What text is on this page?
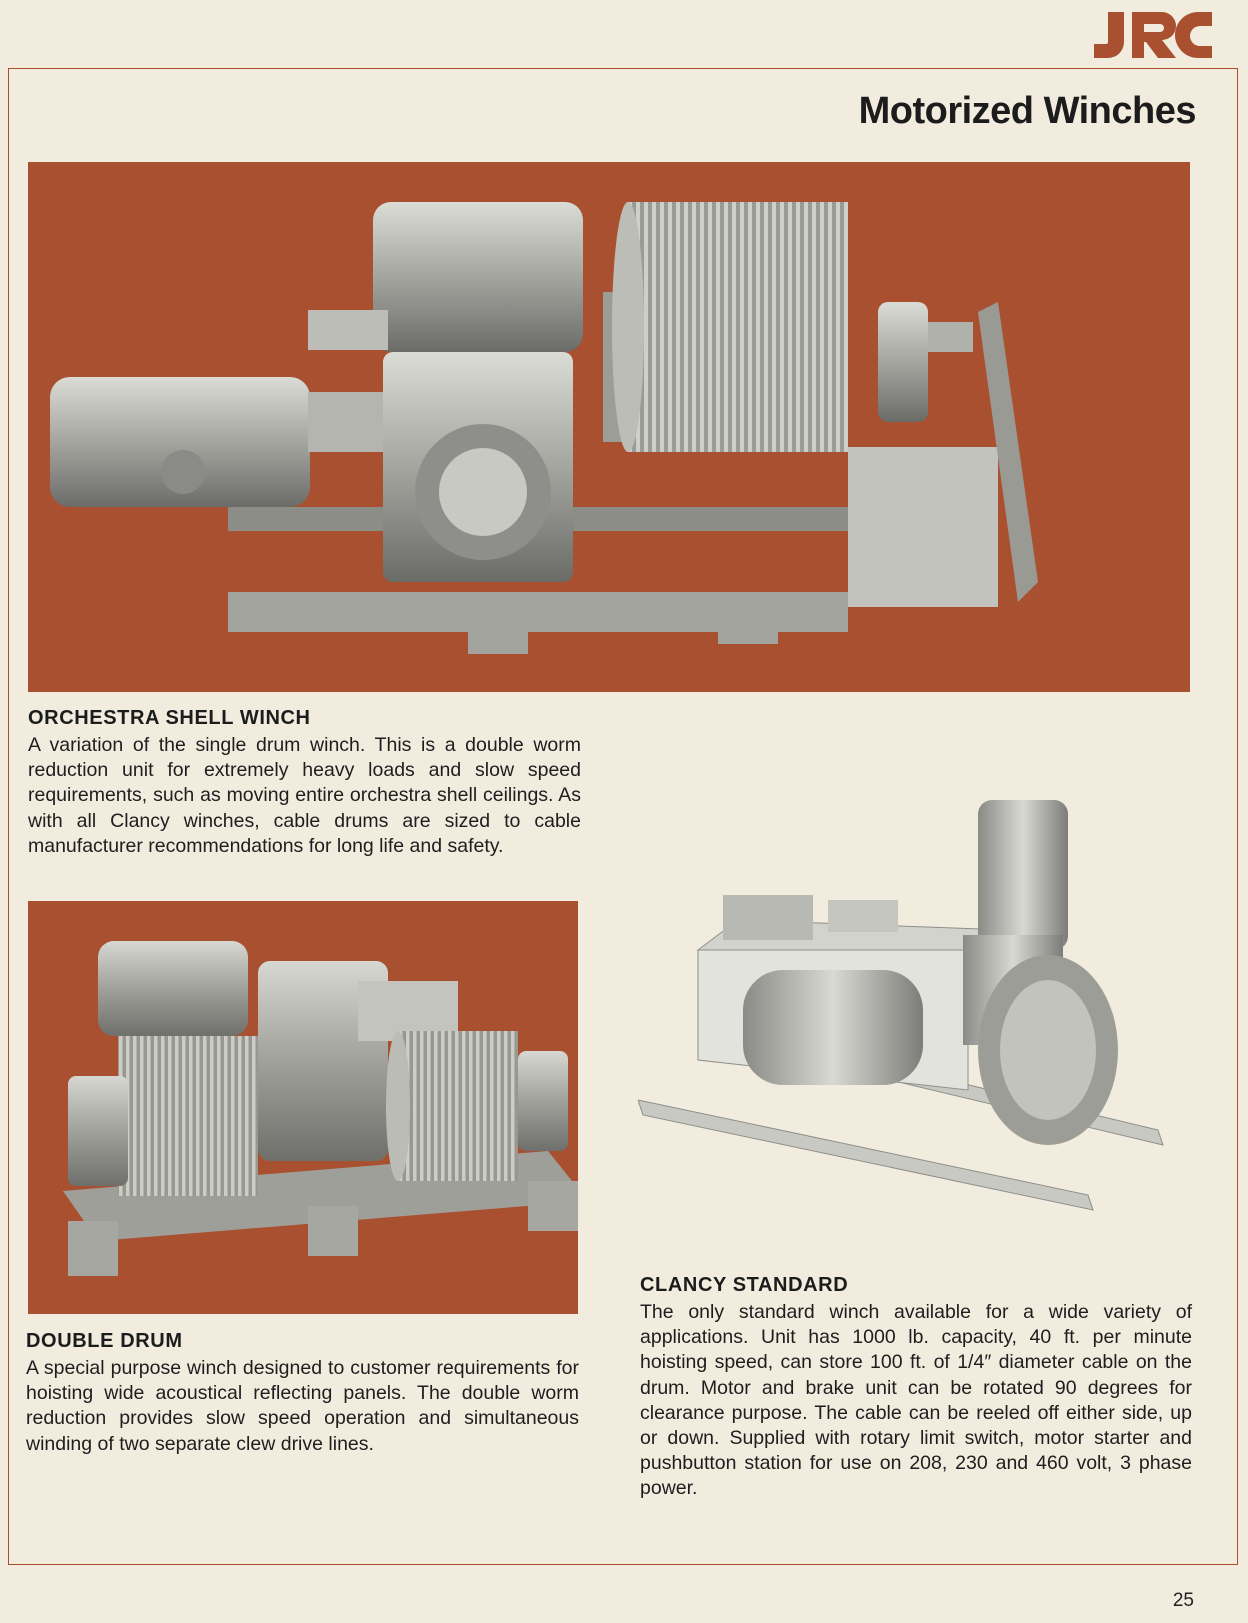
Motorized Winches
ORCHESTRA SHELL WINCH
A variation of the single drum winch. This is a double worm reduction unit for extremely heavy loads and slow speed requirements, such as moving entire orchestra shell ceilings. As with all Clancy winches, cable drums are sized to cable manufacturer recommendations for long life and safety.
DOUBLE DRUM
A special purpose winch designed to customer requirements for hoisting wide acoustical reflecting panels. The double worm reduction provides slow speed operation and simultaneous winding of two separate clew drive lines.
CLANCY STANDARD
The only standard winch available for a wide variety of applications. Unit has 1000 lb. capacity, 40 ft. per minute hoisting speed, can store 100 ft. of 1/4″ diameter cable on the drum. Motor and brake unit can be rotated 90 degrees for clearance purpose. The cable can be reeled off either side, up or down. Supplied with rotary limit switch, motor starter and pushbutton station for use on 208, 230 and 460 volt, 3 phase power.
25
